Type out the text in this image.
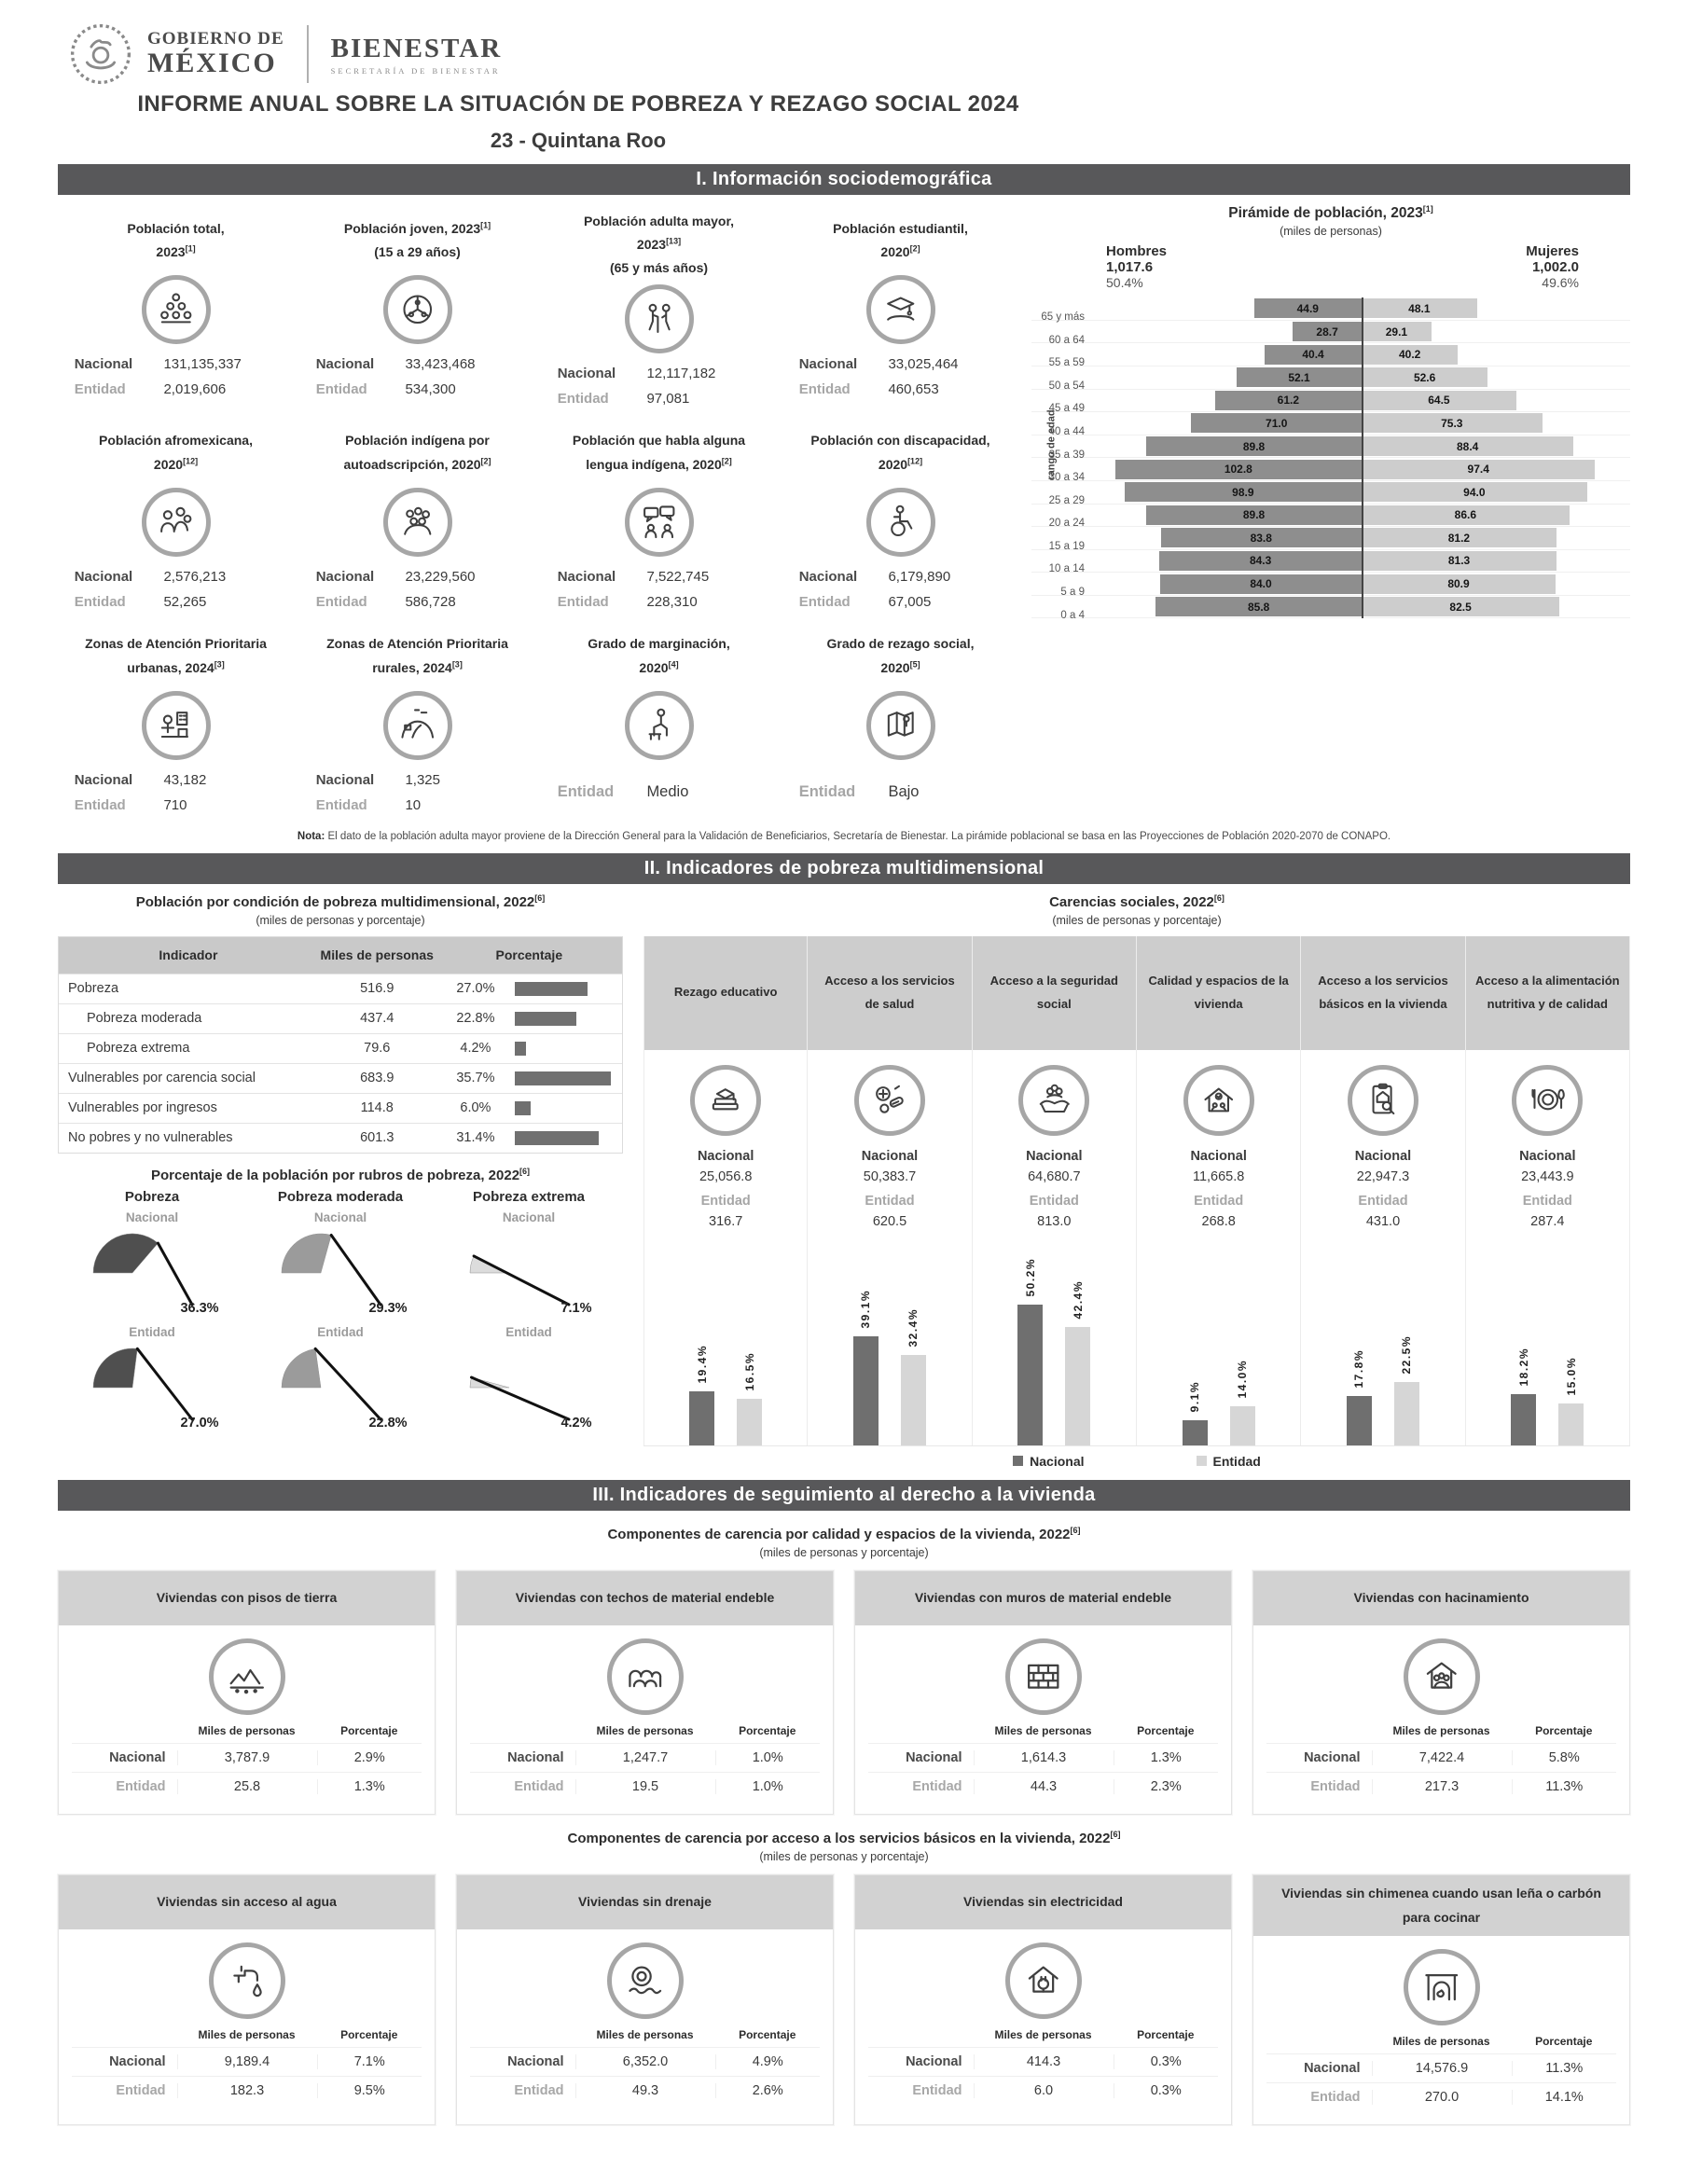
GOBIERNO DE
MÉXICO BIENESTAR
SECRETARÍA DE BIENESTAR
INFORME ANUAL SOBRE LA SITUACIÓN DE POBREZA Y REZAGO SOCIAL 2024
23 - Quintana Roo
I. Información sociodemográfica
Población total,
2023[1]
Nacional	131,135,337
Entidad	2,019,606
Población joven, 2023[1]
(15 a 29 años)
Nacional	33,423,468
Entidad	534,300
Población adulta mayor,
2023[13]
(65 y más años)
Nacional	12,117,182
Entidad	97,081
Población estudiantil,
2020[2]
Nacional	33,025,464
Entidad	460,653
Población afromexicana,
2020[12]
Nacional	2,576,213
Entidad	52,265
Población indígena por
autoadscripción, 2020[2]
Nacional	23,229,560
Entidad	586,728
Población que habla alguna
lengua indígena, 2020[2]
Nacional	7,522,745
Entidad	228,310
Población con discapacidad,
2020[12]
Nacional	6,179,890
Entidad	67,005
Zonas de Atención Prioritaria
urbanas, 2024[3]
Nacional	43,182
Entidad	710
Zonas de Atención Prioritaria
rurales, 2024[3]
Nacional	1,325
Entidad	10
Grado de marginación,
2020[4]
Entidad	Medio
Grado de rezago social,
2020[5]
Entidad	Bajo
Pirámide de población, 2023[1]
(miles de personas)
Hombres
1,017.6
50.4%
Mujeres
1,002.0
49.6%
rango de edad
65 y más
44.9	48.1
60 a 64
28.7	29.1
55 a 59
40.4	40.2
50 a 54
52.1	52.6
45 a 49
61.2	64.5
40 a 44
71.0	75.3
35 a 39
89.8	88.4
30 a 34
102.8	97.4
25 a 29
98.9	94.0
20 a 24
89.8	86.6
15 a 19
83.8	81.2
10 a 14
84.3	81.3
5 a 9
84.0	80.9
0 a 4
85.8	82.5
Nota: El dato de la población adulta mayor proviene de la Dirección General para la Validación de Beneficiarios, Secretaría de Bienestar. La pirámide poblacional se basa en las Proyecciones de Población 2020-2070 de CONAPO.
II. Indicadores de pobreza multidimensional
Población por condición de pobreza multidimensional, 2022[6]
(miles de personas y porcentaje)
Indicador	Miles de personas	Porcentaje
Pobreza	516.9	27.0%
Pobreza moderada	437.4	22.8%
Pobreza extrema	79.6	4.2%
Vulnerables por carencia social	683.9	35.7%
Vulnerables por ingresos	114.8	6.0%
No pobres y no vulnerables	601.3	31.4%
Porcentaje de la población por rubros de pobreza, 2022[6]
Pobreza
Nacional
36.3%
Entidad
27.0%
Pobreza moderada
Nacional
29.3%
Entidad
22.8%
Pobreza extrema
Nacional
7.1%
Entidad
4.2%
Carencias sociales, 2022[6]
(miles de personas y porcentaje)
Rezago educativo
Nacional
25,056.8
Entidad
316.7
19.4%	16.5%
Acceso a los servicios de salud
Nacional
50,383.7
Entidad
620.5
39.1%	32.4%
Acceso a la seguridad social
Nacional
64,680.7
Entidad
813.0
50.2%
42.4%
Calidad y espacios de la vivienda
Nacional
11,665.8
Entidad
268.8
9.1%	14.0%
Acceso a los servicios básicos en la vivienda
Nacional
22,947.3
Entidad
431.0
17.8%	22.5%
Acceso a la alimentación nutritiva y de calidad
Nacional
23,443.9
Entidad
287.4
18.2%	15.0%
Nacional	Entidad
III. Indicadores de seguimiento al derecho a la vivienda
Componentes de carencia por calidad y espacios de la vivienda, 2022[6]
(miles de personas y porcentaje)
Viviendas con pisos de tierra
Miles de personas	Porcentaje
Nacional	3,787.9	2.9%
Entidad	25.8	1.3%
Viviendas con techos de material endeble
Miles de personas	Porcentaje
Nacional	1,247.7	1.0%
Entidad	19.5	1.0%
Viviendas con muros de material endeble
Miles de personas	Porcentaje
Nacional	1,614.3	1.3%
Entidad	44.3	2.3%
Viviendas con hacinamiento
Miles de personas	Porcentaje
Nacional	7,422.4	5.8%
Entidad	217.3	11.3%
Componentes de carencia por acceso a los servicios básicos en la vivienda, 2022[6]
(miles de personas y porcentaje)
Viviendas sin acceso al agua
Miles de personas	Porcentaje
Nacional	9,189.4	7.1%
Entidad	182.3	9.5%
Viviendas sin drenaje
Miles de personas	Porcentaje
Nacional	6,352.0	4.9%
Entidad	49.3	2.6%
Viviendas sin electricidad
Miles de personas	Porcentaje
Nacional	414.3	0.3%
Entidad	6.0	0.3%
Viviendas sin chimenea cuando usan leña o carbón para cocinar
Miles de personas	Porcentaje
Nacional	14,576.9	11.3%
Entidad	270.0	14.1%
